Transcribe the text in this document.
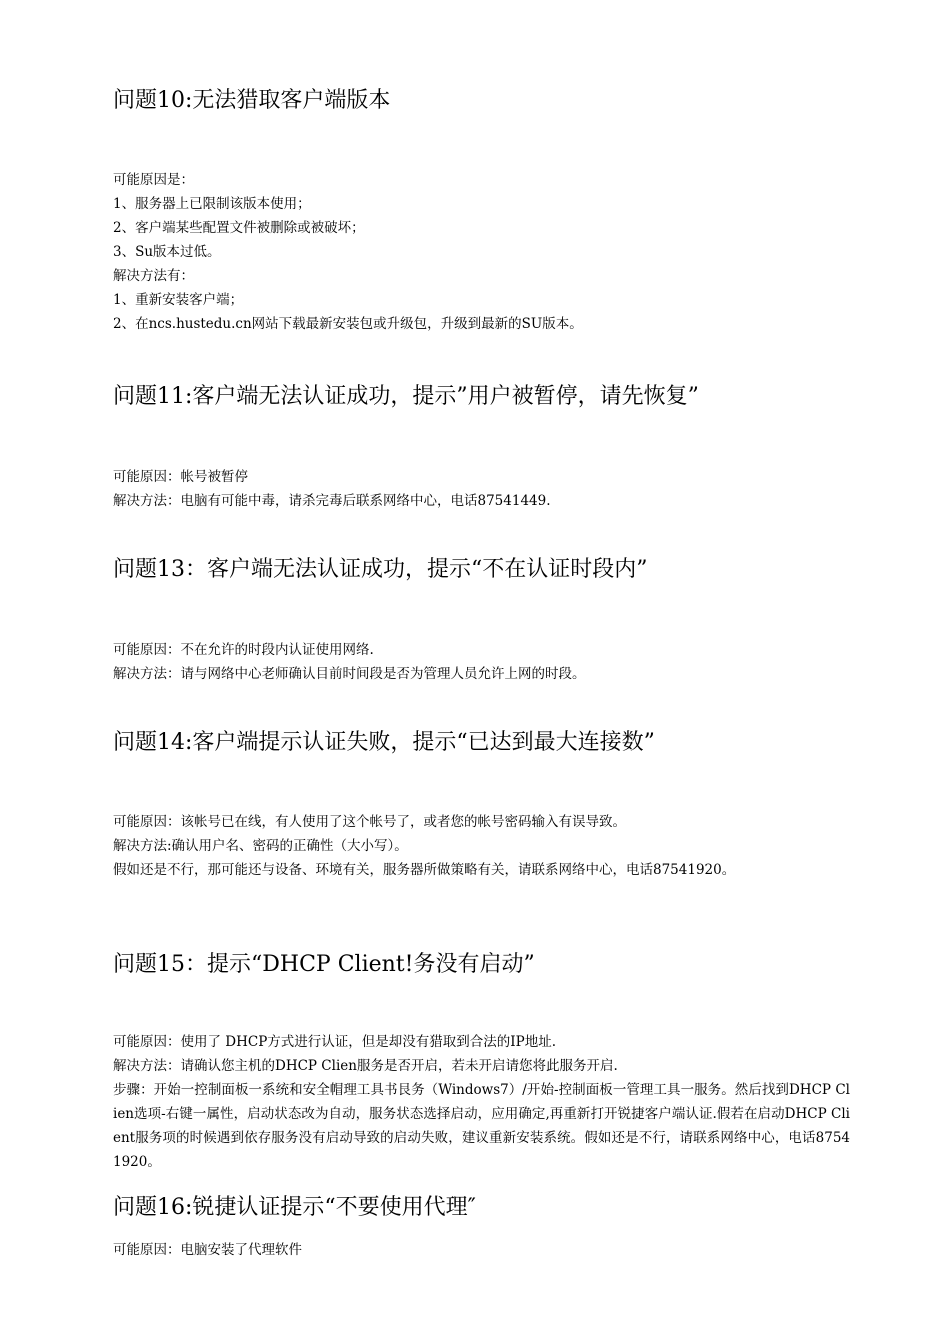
问题10:无法猎取客户端版本
可能原因是：
1、服务器上已限制该版本使用；
2、客户端某些配置文件被删除或被破坏；
3、Su版本过低。
解决方法有：
1、重新安装客户端；
2、在ncs.hustedu.cn网站下载最新安装包或升级包，升级到最新的SU版本。
问题11:客户端无法认证成功，提示”用户被暂停，请先恢复”
可能原因：帐号被暂停
解决方法：电脑有可能中毒，请杀完毒后联系网络中心，电话87541449.
问题13：客户端无法认证成功，提示“不在认证时段内”
可能原因：不在允许的时段内认证使用网络.
解决方法：请与网络中心老师确认目前时间段是否为管理人员允许上网的时段。
问题14:客户端提示认证失败，提示“已达到最大连接数”
可能原因：该帐号已在线，有人使用了这个帐号了，或者您的帐号密码输入有误导致。
解决方法:确认用户名、密码的正确性（大小写）。
假如还是不行，那可能还与设备、环境有关，服务器所做策略有关，请联系网络中心，电话87541920。
问题15：提示“DHCP Client!务没有启动”
可能原因：使用了 DHCP方式进行认证，但是却没有猎取到合法的IP地址.
解决方法：请确认您主机的DHCP Clien服务是否开启，若未开启请您将此服务开启.
步骤：开始一控制面板一系统和安全帽理工具书艮务（Windows7）/开始-控制面板一管理工具一服务。然后找到DHCP Clien选项-右键一属性，启动状态改为自动，服务状态选择启动，应用确定,再重新打开锐捷客户端认证.假若在启动DHCP Client服务项的时候遇到依存服务没有启动导致的启动失败，建议重新安装系统。假如还是不行，请联系网络中心，电话87541920。
问题16:锐捷认证提示“不要使用代理″
可能原因：电脑安装了代理软件
